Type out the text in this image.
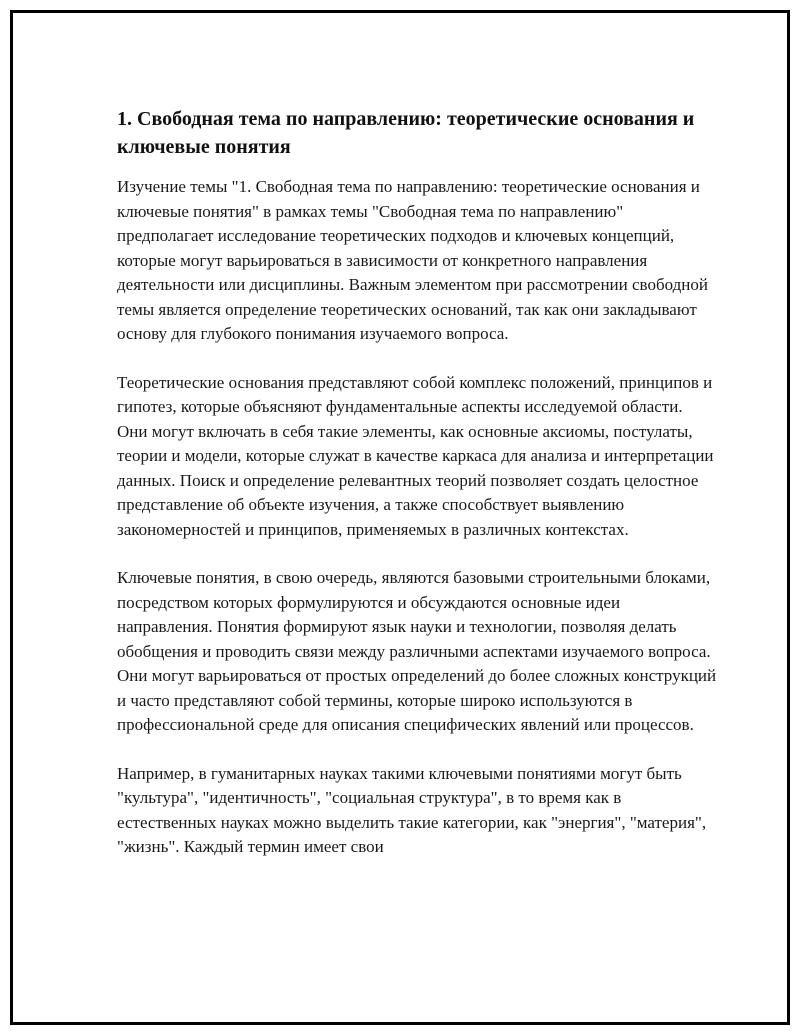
1. Свободная тема по направлению: теоретические основания и ключевые понятия

Изучение темы "1. Свободная тема по направлению: теоретические основания и ключевые понятия" в рамках темы "Свободная тема по направлению" предполагает исследование теоретических подходов и ключевых концепций, которые могут варьироваться в зависимости от конкретного направления деятельности или дисциплины. Важным элементом при рассмотрении свободной темы является определение теоретических оснований, так как они закладывают основу для глубокого понимания изучаемого вопроса.

Теоретические основания представляют собой комплекс положений, принципов и гипотез, которые объясняют фундаментальные аспекты исследуемой области. Они могут включать в себя такие элементы, как основные аксиомы, постулаты, теории и модели, которые служат в качестве каркаса для анализа и интерпретации данных. Поиск и определение релевантных теорий позволяет создать целостное представление об объекте изучения, а также способствует выявлению закономерностей и принципов, применяемых в различных контекстах.

Ключевые понятия, в свою очередь, являются базовыми строительными блоками, посредством которых формулируются и обсуждаются основные идеи направления. Понятия формируют язык науки и технологии, позволяя делать обобщения и проводить связи между различными аспектами изучаемого вопроса. Они могут варьироваться от простых определений до более сложных конструкций и часто представляют собой термины, которые широко используются в профессиональной среде для описания специфических явлений или процессов.

Например, в гуманитарных науках такими ключевыми понятиями могут быть "культура", "идентичность", "социальная структура", в то время как в естественных науках можно выделить такие категории, как "энергия", "материя", "жизнь". Каждый термин имеет свои
